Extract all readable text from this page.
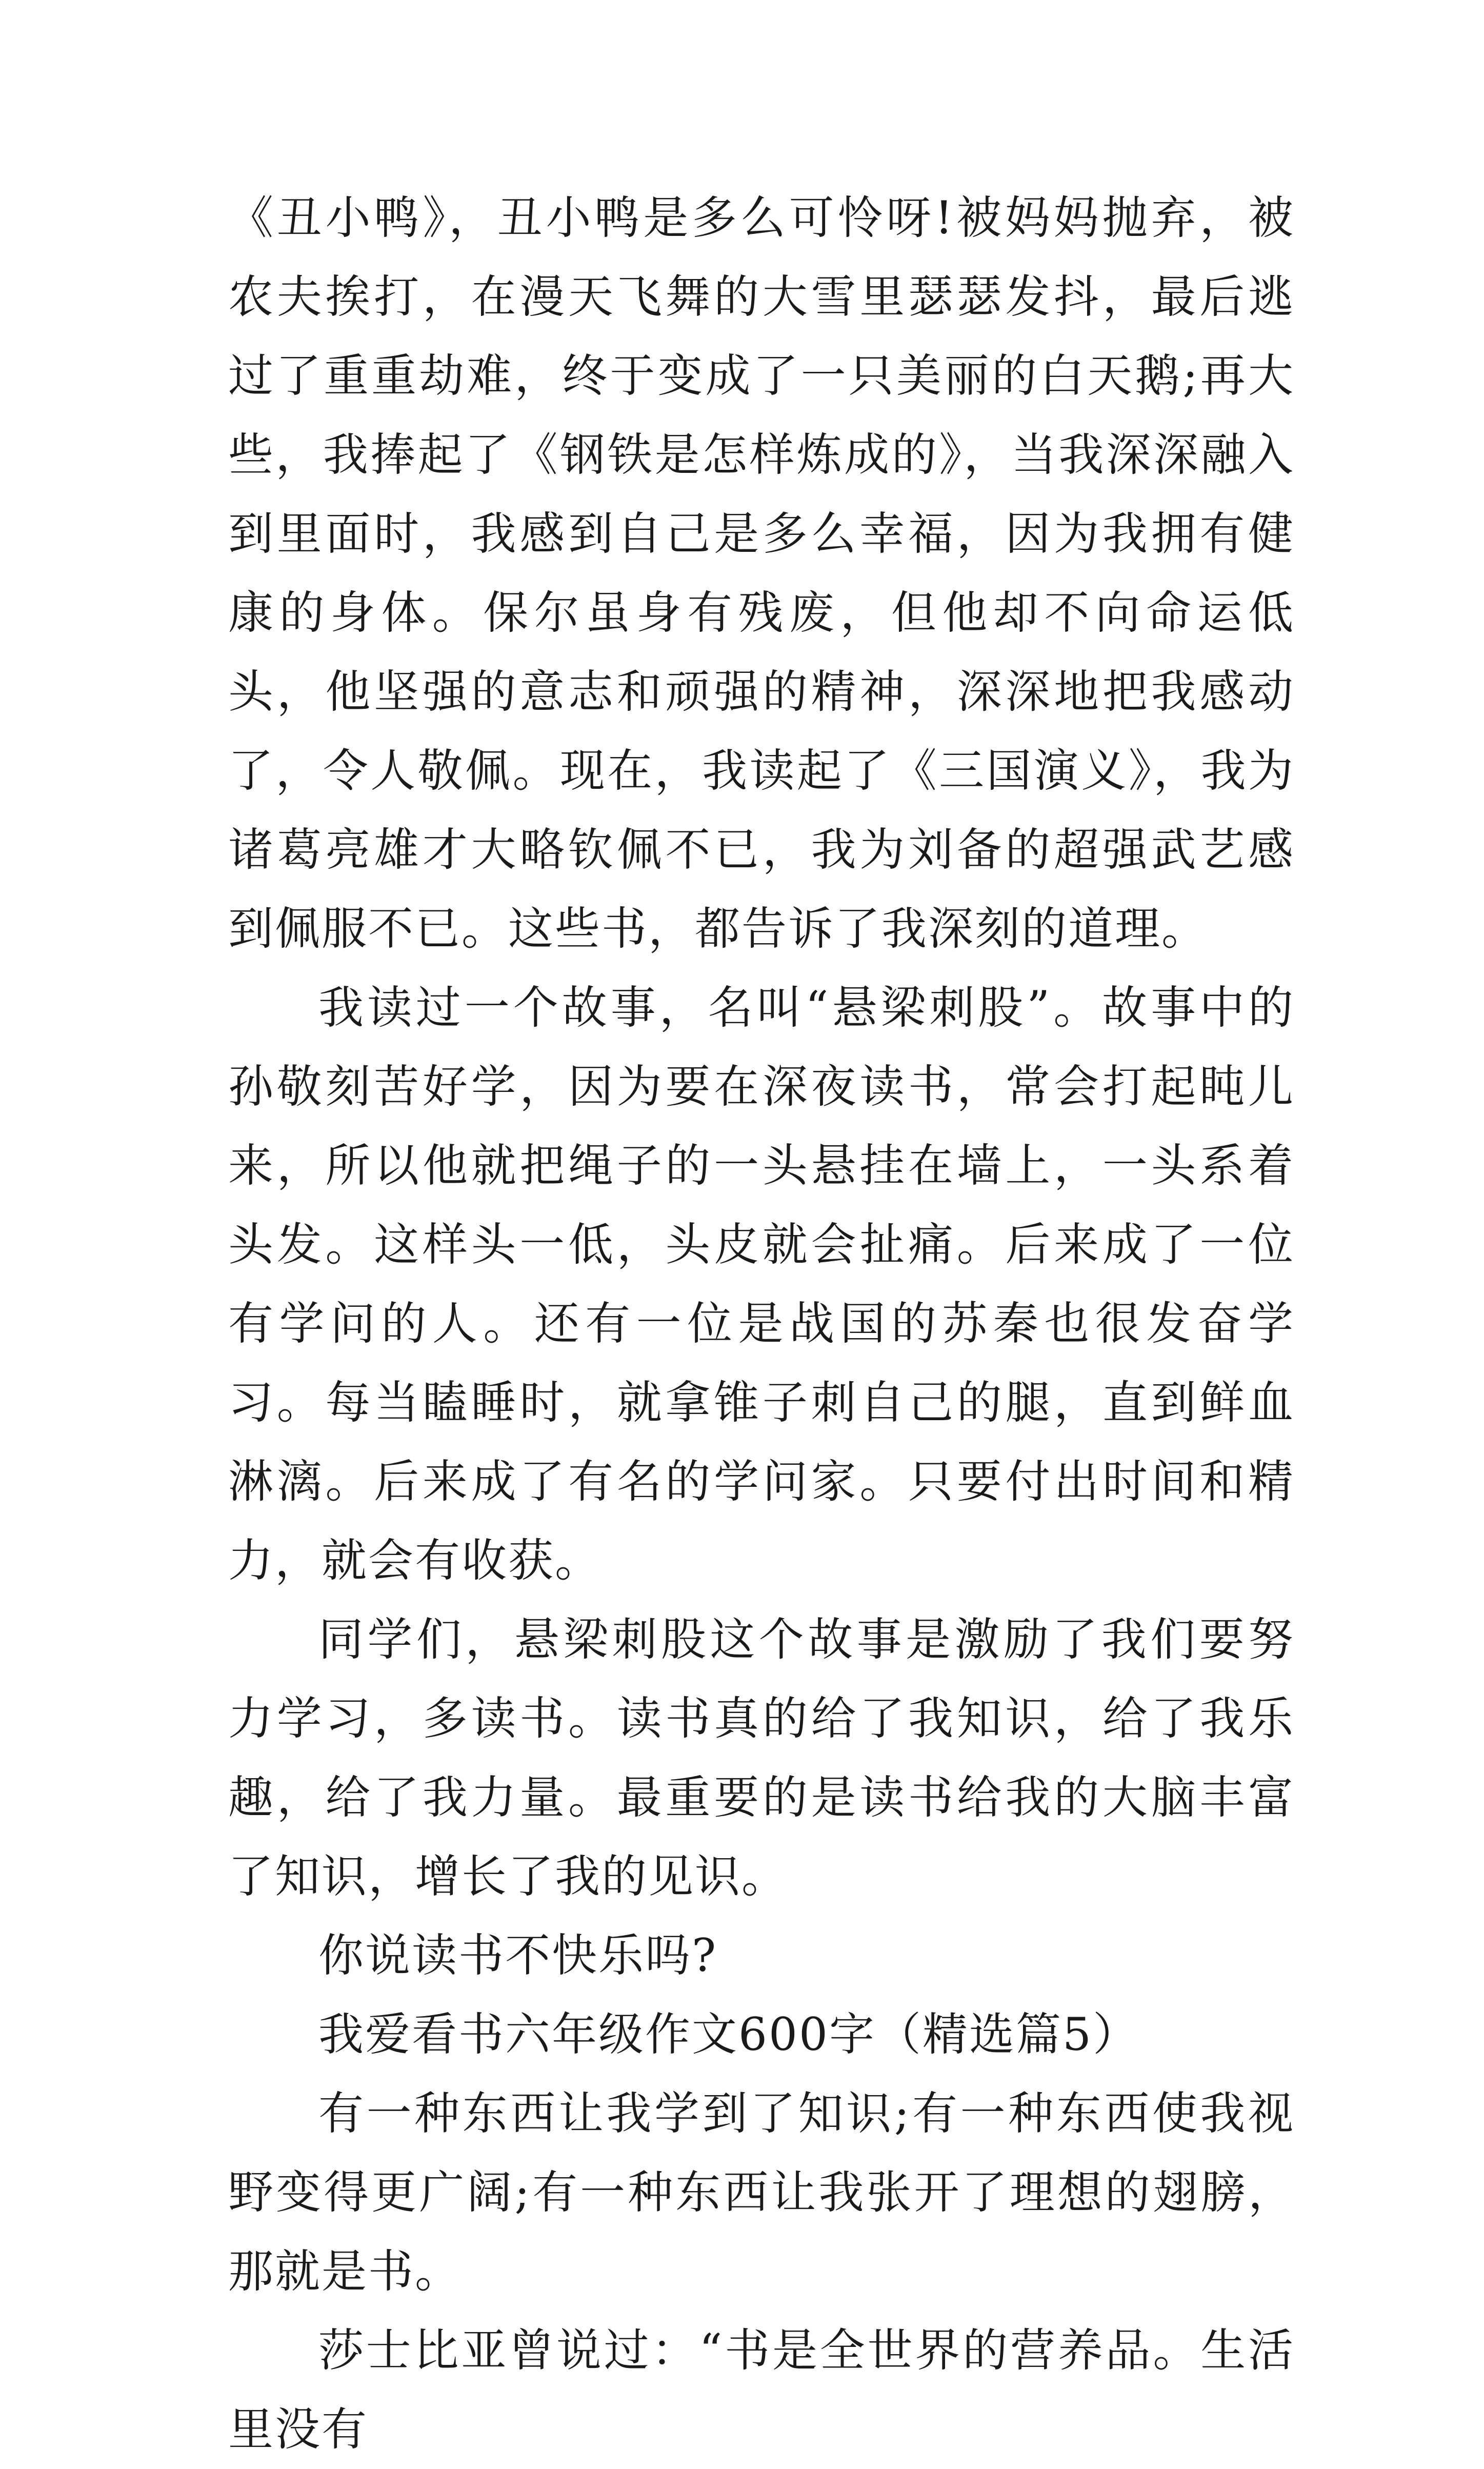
《丑小鸭》，丑小鸭是多么可怜呀!被妈妈抛弃，被农夫挨打，在漫天飞舞的大雪里瑟瑟发抖，最后逃过了重重劫难，终于变成了一只美丽的白天鹅;再大些，我捧起了《钢铁是怎样炼成的》，当我深深融入到里面时，我感到自己是多么幸福，因为我拥有健康的身体。保尔虽身有残废，但他却不向命运低头，他坚强的意志和顽强的精神，深深地把我感动了，令人敬佩。现在，我读起了《三国演义》，我为诸葛亮雄才大略钦佩不已，我为刘备的超强武艺感到佩服不已。这些书，都告诉了我深刻的道理。

我读过一个故事，名叫“悬梁刺股”。故事中的孙敬刻苦好学，因为要在深夜读书，常会打起盹儿来，所以他就把绳子的一头悬挂在墙上，一头系着头发。这样头一低，头皮就会扯痛。后来成了一位有学问的人。还有一位是战国的苏秦也很发奋学习。每当瞌睡时，就拿锥子刺自己的腿，直到鲜血淋漓。后来成了有名的学问家。只要付出时间和精力，就会有收获。

同学们，悬梁刺股这个故事是激励了我们要努力学习，多读书。读书真的给了我知识，给了我乐趣，给了我力量。最重要的是读书给我的大脑丰富了知识，增长了我的见识。

你说读书不快乐吗?

我爱看书六年级作文600字（精选篇5）

有一种东西让我学到了知识;有一种东西使我视野变得更广阔;有一种东西让我张开了理想的翅膀，那就是书。

莎士比亚曾说过：“书是全世界的营养品。生活里没有
